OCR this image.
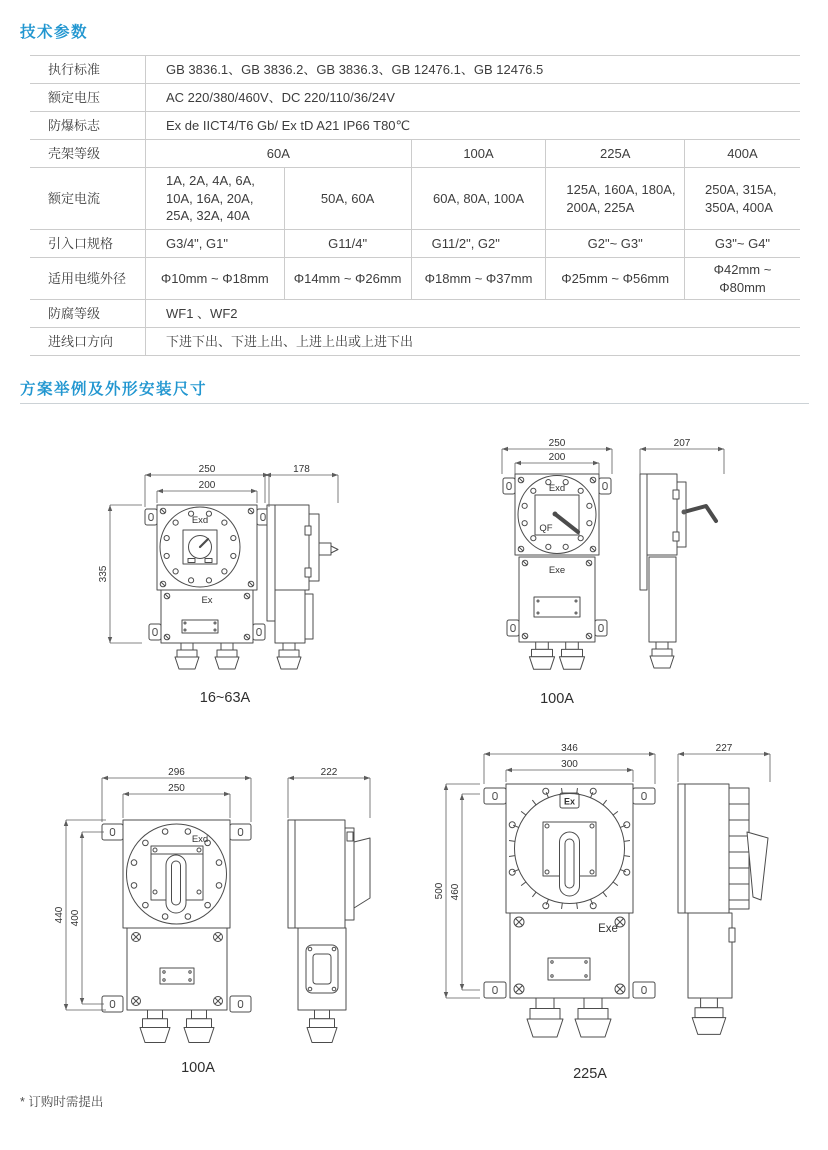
技术参数
执行标准	GB 3836.1、GB 3836.2、GB 3836.3、GB 12476.1、GB 12476.5				
额定电压	AC 220/380/460V、DC 220/110/36/24V				
防爆标志	Ex de IICT4/T6 Gb/ Ex tD A21 IP66 T80℃				
壳架等级	60A		100A	225A	400A
额定电流	1A, 2A, 4A, 6A, 10A, 16A, 20A, 25A, 32A, 40A	50A, 60A	60A, 80A, 100A	125A, 160A, 180A, 200A, 225A	250A, 315A, 350A, 400A
引入口规格	G3/4", G1"	G11/4"	G11/2", G2"	G2"~ G3"	G3"~ G4"
适用电缆外径	Φ10mm ~ Φ18mm	Φ14mm ~ Φ26mm	Φ18mm ~ Φ37mm	Φ25mm ~ Φ56mm	Φ42mm ~ Φ80mm
防腐等级	WF1 、WF2				
进线口方向	下进下出、下进上出、上进上出或上进下出				
方案举例及外形安装尺寸
Exd
Ex
250
200
335
178
16~63A
Exd
QF
Exe
250
200
207
100A
Exd
296
250
440 400
222
100A
Ex
Exe
346
300
500 460
227
225A
* 订购时需提出
